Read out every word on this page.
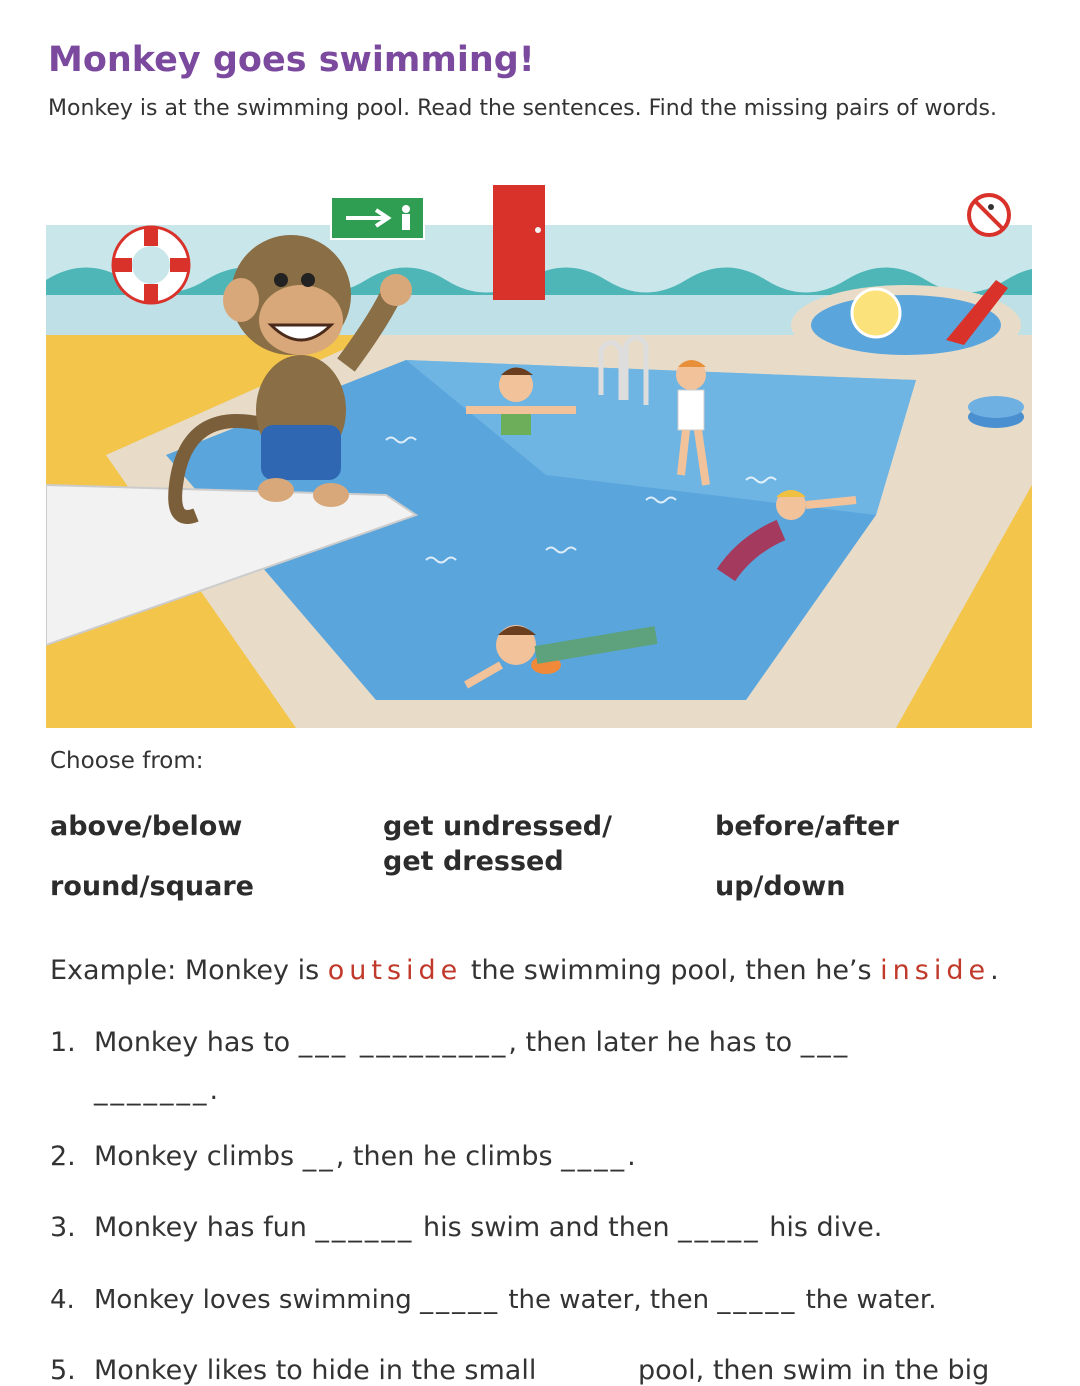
Monkey goes swimming!

Monkey is at the swimming pool. Read the sentences. Find the missing pairs of words.

Choose from:
above/below
round/square
get undressed/
get dressed
before/after
up/down
Example: Monkey is outside the swimming pool, then he’s inside.
1. Monkey has to ___ _________, then later he has to ___
_______.
2. Monkey climbs __, then he climbs ____.
3. Monkey has fun ______ his swim and then _____ his dive.
4. Monkey loves swimming _____ the water, then _____ the water.
5. Monkey likes to hide in the small	pool, then swim in the big
